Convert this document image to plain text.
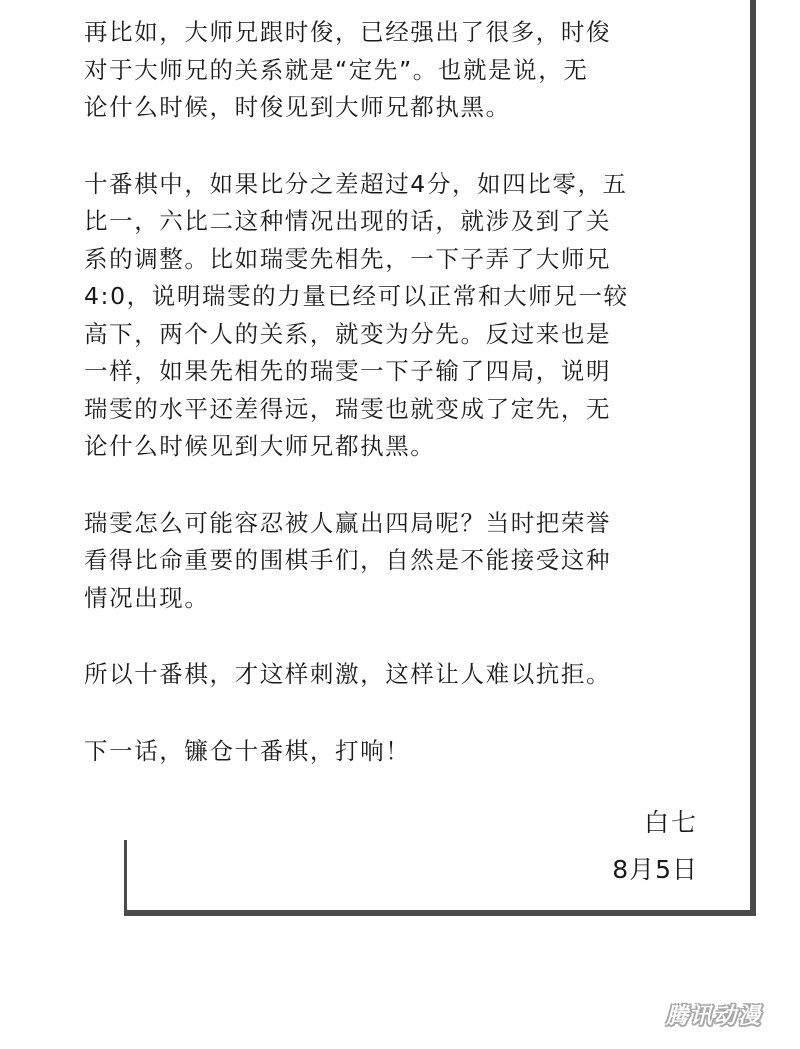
再比如，大师兄跟时俊，已经强出了很多，时俊
对于大师兄的关系就是“定先”。也就是说，无
论什么时候，时俊见到大师兄都执黑。

十番棋中，如果比分之差超过4分，如四比零，五
比一，六比二这种情况出现的话，就涉及到了关
系的调整。比如瑞雯先相先，一下子弄了大师兄
4:0，说明瑞雯的力量已经可以正常和大师兄一较
高下，两个人的关系，就变为分先。反过来也是
一样，如果先相先的瑞雯一下子输了四局，说明
瑞雯的水平还差得远，瑞雯也就变成了定先，无
论什么时候见到大师兄都执黑。

瑞雯怎么可能容忍被人赢出四局呢？当时把荣誉
看得比命重要的围棋手们，自然是不能接受这种
情况出现。

所以十番棋，才这样刺激，这样让人难以抗拒。

下一话，镰仓十番棋，打响！

白七
8月5日
腾讯动漫
